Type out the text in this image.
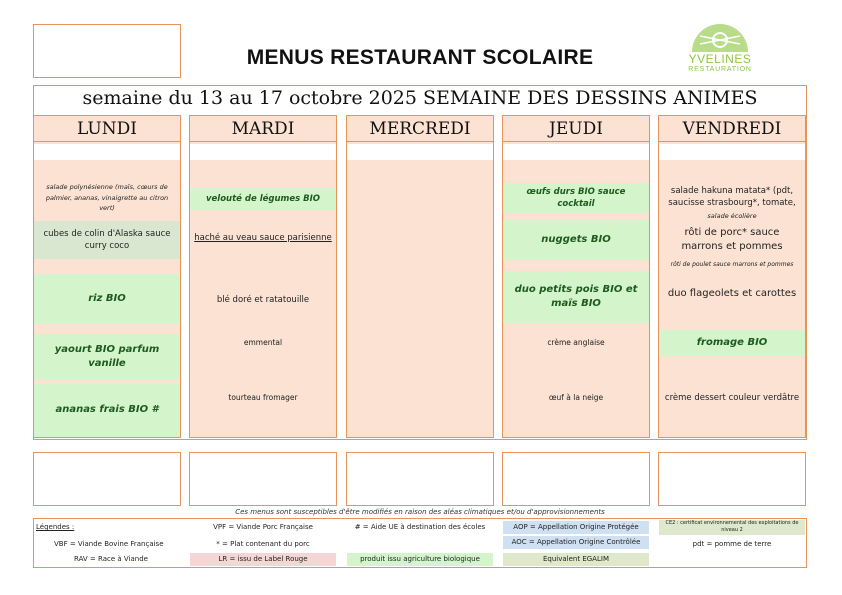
MENUS RESTAURANT SCOLAIRE	YVELINES
RESTAURATION
semaine du 13 au 17 octobre 2025 SEMAINE DES DESSINS ANIMES
LUNDI
salade polynésienne (maïs, cœurs de palmier, ananas, vinaigrette au citron vert)
cubes de colin d'Alaska sauce curry coco
riz BIO
yaourt BIO parfum vanille
ananas frais BIO #
MARDI
velouté de légumes BIO
haché au veau sauce parisienne
blé doré et ratatouille
emmental
tourteau fromager
MERCREDI	JEUDI
œufs durs BIO sauce cocktail
nuggets BIO
duo petits pois BIO et maïs BIO
crème anglaise
œuf à la neige
VENDREDI
salade hakuna matata* (pdt, saucisse strasbourg*, tomate,
salade écolière
rôti de porc* sauce marrons et pommes
rôti de poulet sauce marrons et pommes
duo flageolets et carottes
fromage BIO
crème dessert couleur verdâtre
Ces menus sont susceptibles d'être modifiés en raison des aléas climatiques et/ou d'approvisionnements
Légendes :
VBF = Viande Bovine Française
RAV = Race à Viande
VPF = Viande Porc Française
* = Plat contenant du porc
LR = issu de Label Rouge
# = Aide UE à destination des écoles
produit issu agriculture biologique
AOP = Appellation Origine Protégée
AOC = Appellation Origine Contrôlée
Equivalent EGALIM
CE2 : certificat environnemental des exploitations de niveau 2
pdt = pomme de terre
